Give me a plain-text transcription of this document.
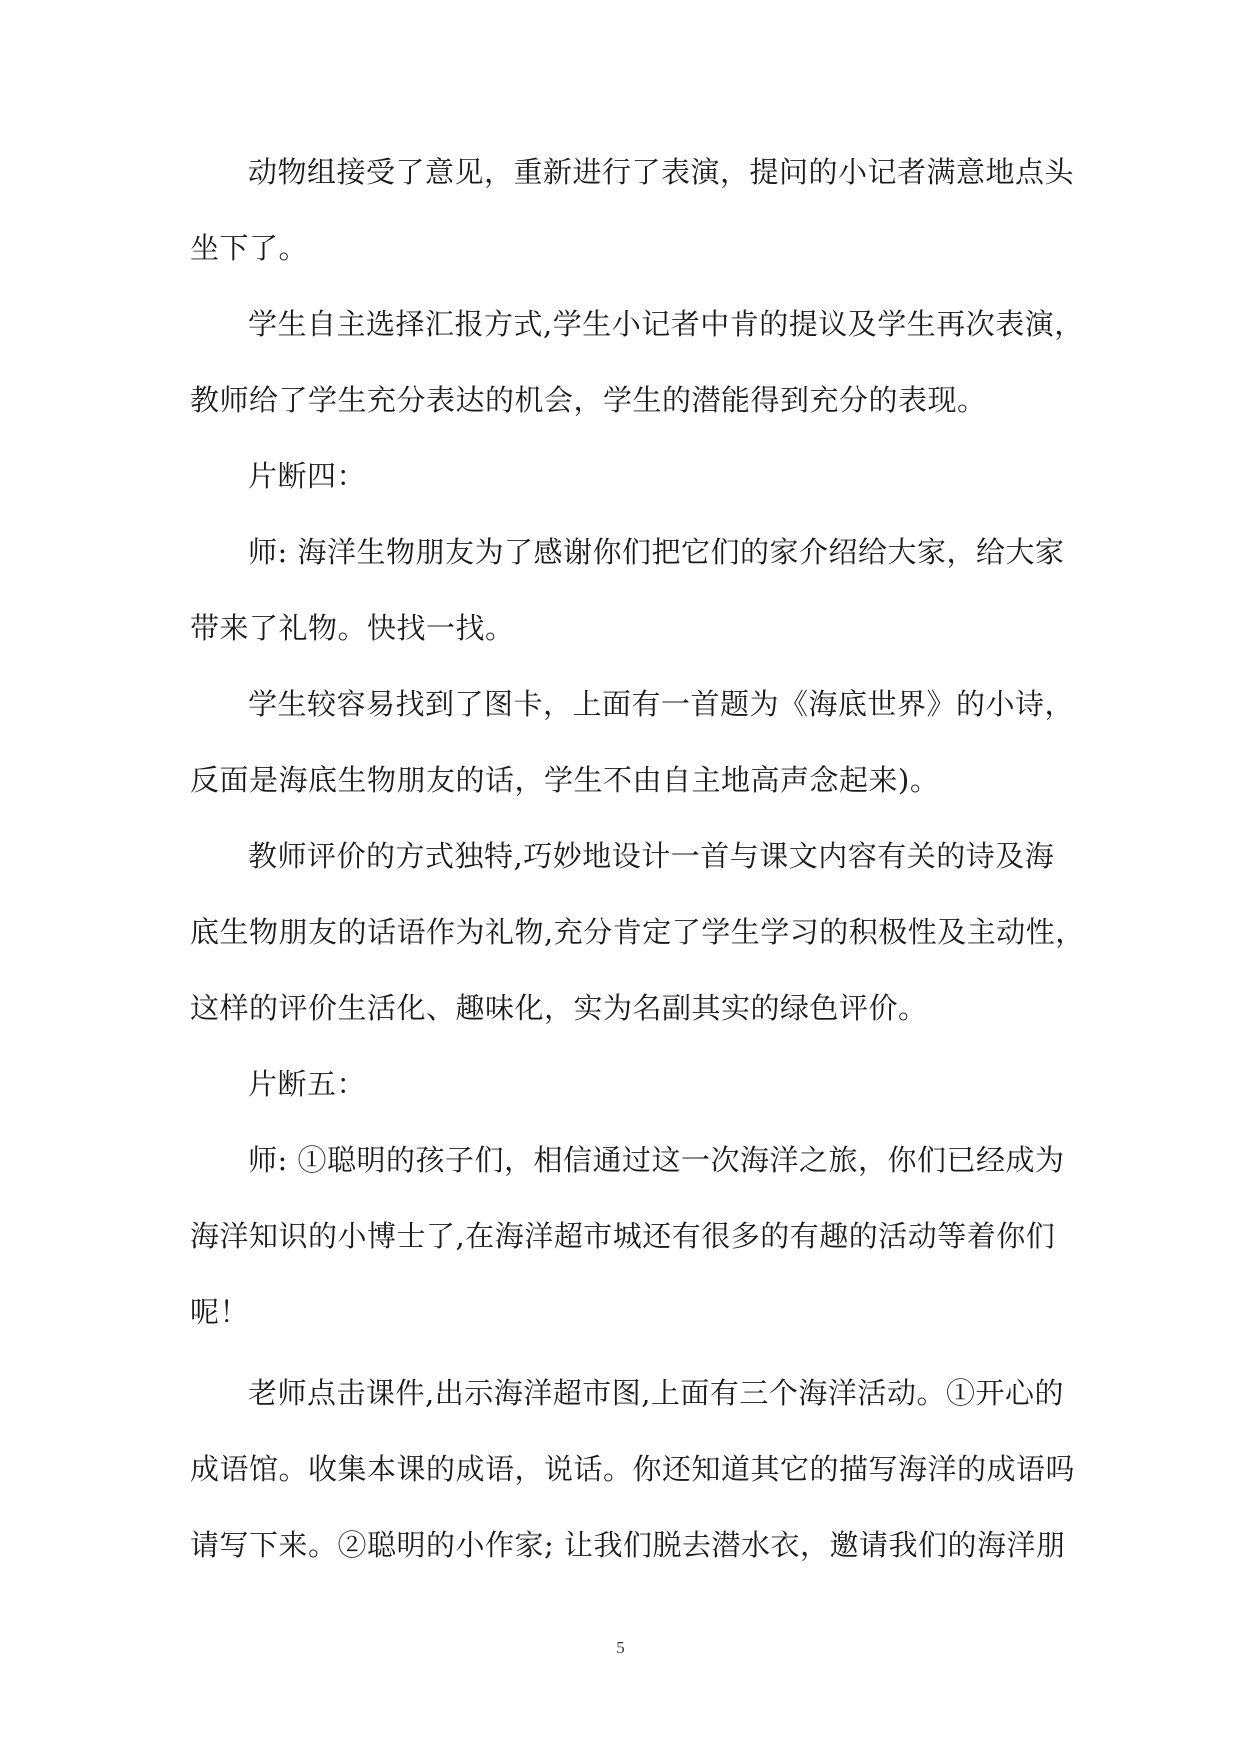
动物组接受了意见，重新进行了表演，提问的小记者满意地点头
坐下了。
学生自主选择汇报方式,学生小记者中肯的提议及学生再次表演，
教师给了学生充分表达的机会，学生的潜能得到充分的表现。
片断四：
师: 海洋生物朋友为了感谢你们把它们的家介绍给大家，给大家
带来了礼物。快找一找。
学生较容易找到了图卡，上面有一首题为《海底世界》的小诗，
反面是海底生物朋友的话，学生不由自主地高声念起来)。
教师评价的方式独特,巧妙地设计一首与课文内容有关的诗及海
底生物朋友的话语作为礼物,充分肯定了学生学习的积极性及主动性，
这样的评价生活化、趣味化，实为名副其实的绿色评价。
片断五：
师: ①聪明的孩子们，相信通过这一次海洋之旅，你们已经成为
海洋知识的小博士了,在海洋超市城还有很多的有趣的活动等着你们
呢！
老师点击课件,出示海洋超市图,上面有三个海洋活动。①开心的
成语馆。收集本课的成语，说话。你还知道其它的描写海洋的成语吗
请写下来。②聪明的小作家; 让我们脱去潜水衣，邀请我们的海洋朋
5
